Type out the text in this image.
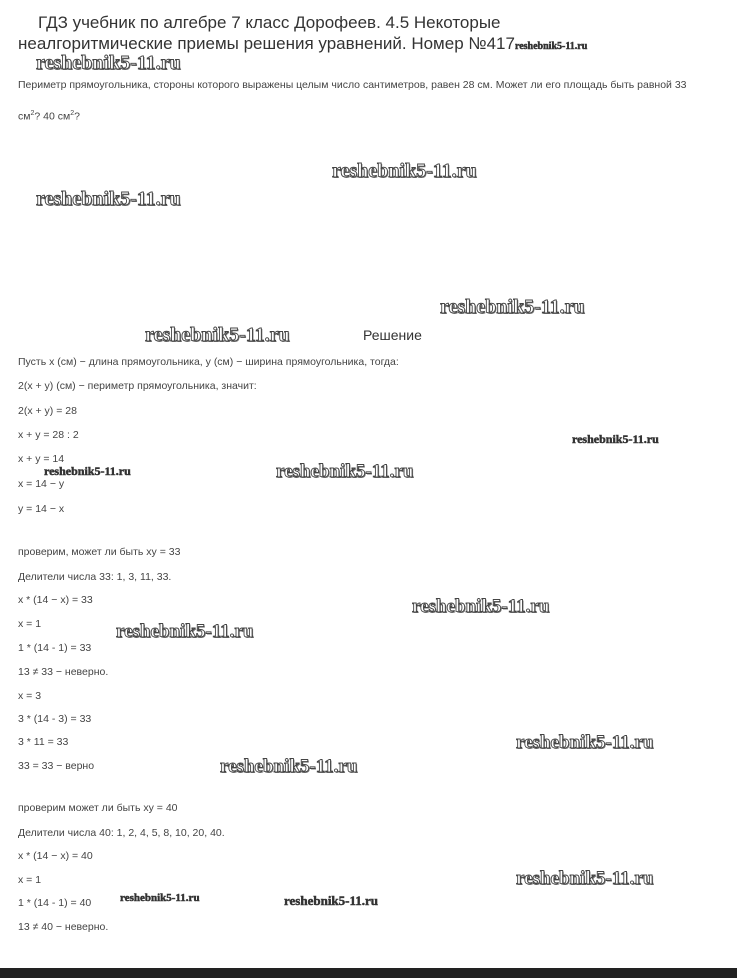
ГДЗ учебник по алгебре 7 класс Дорофеев. 4.5 Некоторые
неалгоритмические приемы решения уравнений. Номер №417reshebnik5-11.ru
reshebnik5-11.ru
Периметр прямоугольника, стороны которого выражены целым число сантиметров, равен 28 см. Может ли его площадь быть равной 33
$см^2$? 40 $см^2$?
reshebnik5-11.ru
reshebnik5-11.ru
reshebnik5-11.ru
reshebnik5-11.ru	Решение
Пусть x (см) − длина прямоугольника, y (см) − ширина прямоугольника, тогда:
2(x + y) (см) − периметр прямоугольника, значит:
2(x + y) = 28
x + y = 28 : 2	reshebnik5-11.ru
x + y = 14
reshebnik5-11.ru	reshebnik5-11.ru
x = 14 − y
y = 14 − x
проверим, может ли быть xy = 33
Делители числа 33: 1, 3, 11, 33.
x * (14 − x) = 33	reshebnik5-11.ru
x = 1	reshebnik5-11.ru
1 * (14 - 1) = 33
13 ≠ 33 − неверно.
x = 3
3 * (14 - 3) = 33
reshebnik5-11.ru
3 * 11 = 33
33 = 33 − верно	reshebnik5-11.ru
проверим может ли быть xy = 40
Делители числа 40: 1, 2, 4, 5, 8, 10, 20, 40.
x * (14 − x) = 40
reshebnik5-11.ru
x = 1
reshebnik5-11.ru	reshebnik5-11.ru
1 * (14 - 1) = 40
13 ≠ 40 − неверно.
